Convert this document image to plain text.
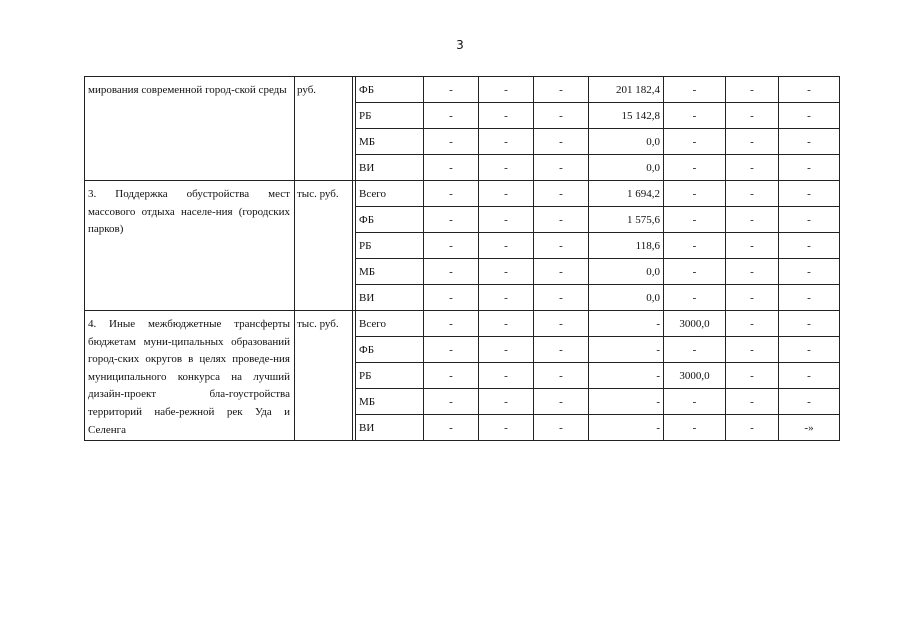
3
мирования современной город-ской среды	руб.		ФБ	-	-	-	201 182,4	-	-	-
			РБ	-	-	-	15 142,8	-	-	-
			МБ	-	-	-	0,0	-	-	-
			ВИ	-	-	-	0,0	-	-	-
3. Поддержка обустройства мест массового отдыха населе-ния (городских парков)	тыс. руб.		Всего	-	-	-	1 694,2	-	-	-
			ФБ	-	-	-	1 575,6	-	-	-
			РБ	-	-	-	118,6	-	-	-
			МБ	-	-	-	0,0	-	-	-
			ВИ	-	-	-	0,0	-	-	-
4. Иные межбюджетные трансферты бюджетам муни-ципальных образований город-ских округов в целях проведе-ния муниципального конкурса на лучший дизайн-проект бла-гоустройства территорий набе-режной рек Уда и Селенга	тыс. руб.		Всего	-	-	-	-	3000,0	-	-
			ФБ	-	-	-	-	-	-	-
			РБ	-	-	-	-	3000,0	-	-
			МБ	-	-	-	-	-	-	-
			ВИ	-	-	-	-	-	-	-»
